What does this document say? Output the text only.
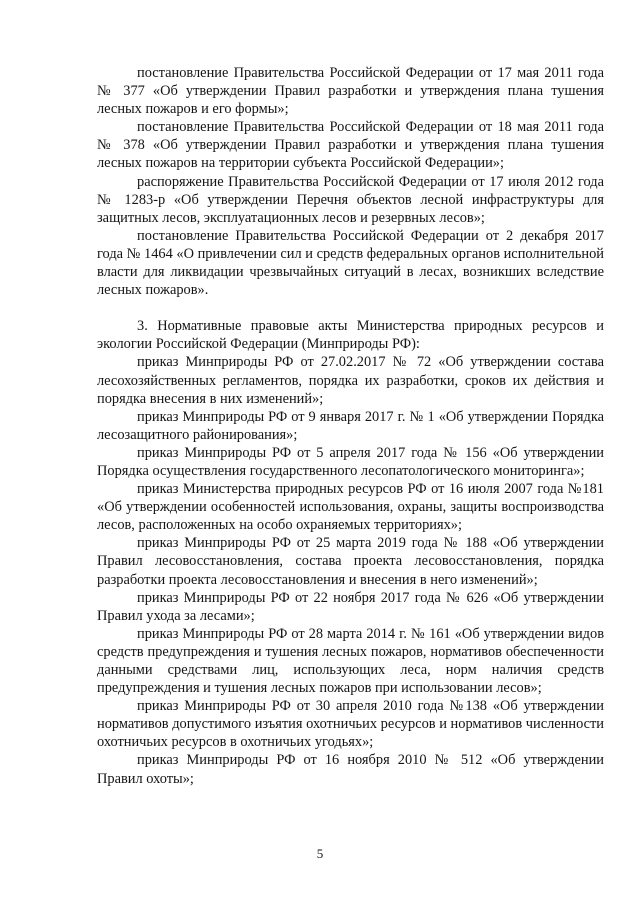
постановление Правительства Российской Федерации от 17 мая 2011 года № 377 «Об утверждении Правил разработки и утверждения плана тушения лесных пожаров и его формы»;

постановление Правительства Российской Федерации от 18 мая 2011 года № 378 «Об утверждении Правил разработки и утверждения плана тушения лесных пожаров на территории субъекта Российской Федерации»;

распоряжение Правительства Российской Федерации от 17 июля 2012 года № 1283-р «Об утверждении Перечня объектов лесной инфраструктуры для защитных лесов, эксплуатационных лесов и резервных лесов»;

постановление Правительства Российской Федерации от 2 декабря 2017 года № 1464 «О привлечении сил и средств федеральных органов исполнительной власти для ликвидации чрезвычайных ситуаций в лесах, возникших вследствие лесных пожаров».

3. Нормативные правовые акты Министерства природных ресурсов и экологии Российской Федерации (Минприроды РФ):

приказ Минприроды РФ от 27.02.2017 № 72 «Об утверждении состава лесохозяйственных регламентов, порядка их разработки, сроков их действия и порядка внесения в них изменений»;

приказ Минприроды РФ от 9 января 2017 г. № 1 «Об утверждении Порядка лесозащитного районирования»;

приказ Минприроды РФ от 5 апреля 2017 года № 156 «Об утверждении Порядка осуществления государственного лесопатологического мониторинга»;

приказ Министерства природных ресурсов РФ от 16 июля 2007 года №181 «Об утверждении особенностей использования, охраны, защиты воспроизводства лесов, расположенных на особо охраняемых территориях»;

приказ Минприроды РФ от 25 марта 2019 года № 188 «Об утверждении Правил лесовосстановления, состава проекта лесовосстановления, порядка разработки проекта лесовосстановления и внесения в него изменений»;

приказ Минприроды РФ от 22 ноября 2017 года № 626 «Об утверждении Правил ухода за лесами»;

приказ Минприроды РФ от 28 марта 2014 г. № 161 «Об утверждении видов средств предупреждения и тушения лесных пожаров, нормативов обеспеченности данными средствами лиц, использующих леса, норм наличия средств предупреждения и тушения лесных пожаров при использовании лесов»;

приказ Минприроды РФ от 30 апреля 2010 года №138 «Об утверждении нормативов допустимого изъятия охотничьих ресурсов и нормативов численности охотничьих ресурсов в охотничьих угодьях»;

приказ Минприроды РФ от 16 ноября 2010 № 512 «Об утверждении Правил охоты»;

5
